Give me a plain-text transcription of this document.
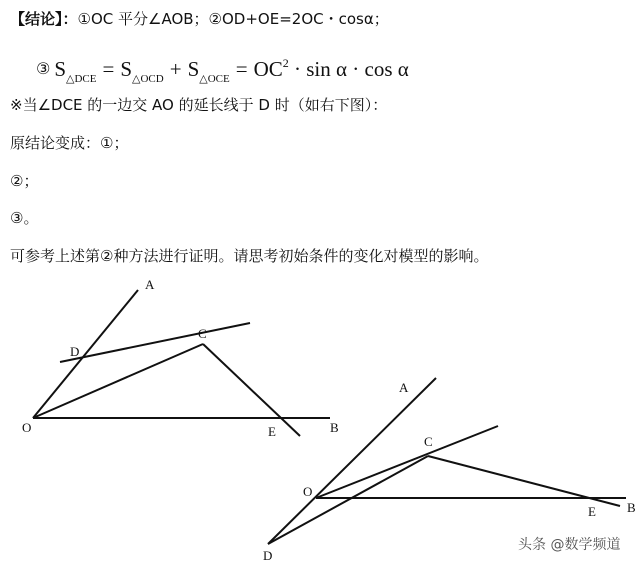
【结论】：①OC 平分∠AOB；②OD+OE=2OC・cosα；
③ $S_{\triangle DCE} = S_{\triangle OCD} + S_{\triangle OCE} = OC^2 \cdot \sin \alpha \cdot \cos \alpha$
※当∠DCE 的一边交 AO 的延长线于 D 时（如右下图）：
原结论变成：①；
②；
③。
可参考上述第②种方法进行证明。请思考初始条件的变化对模型的影响。
A
D
C
O	E	B
A
C
O
E B
D
头条 @数学频道
